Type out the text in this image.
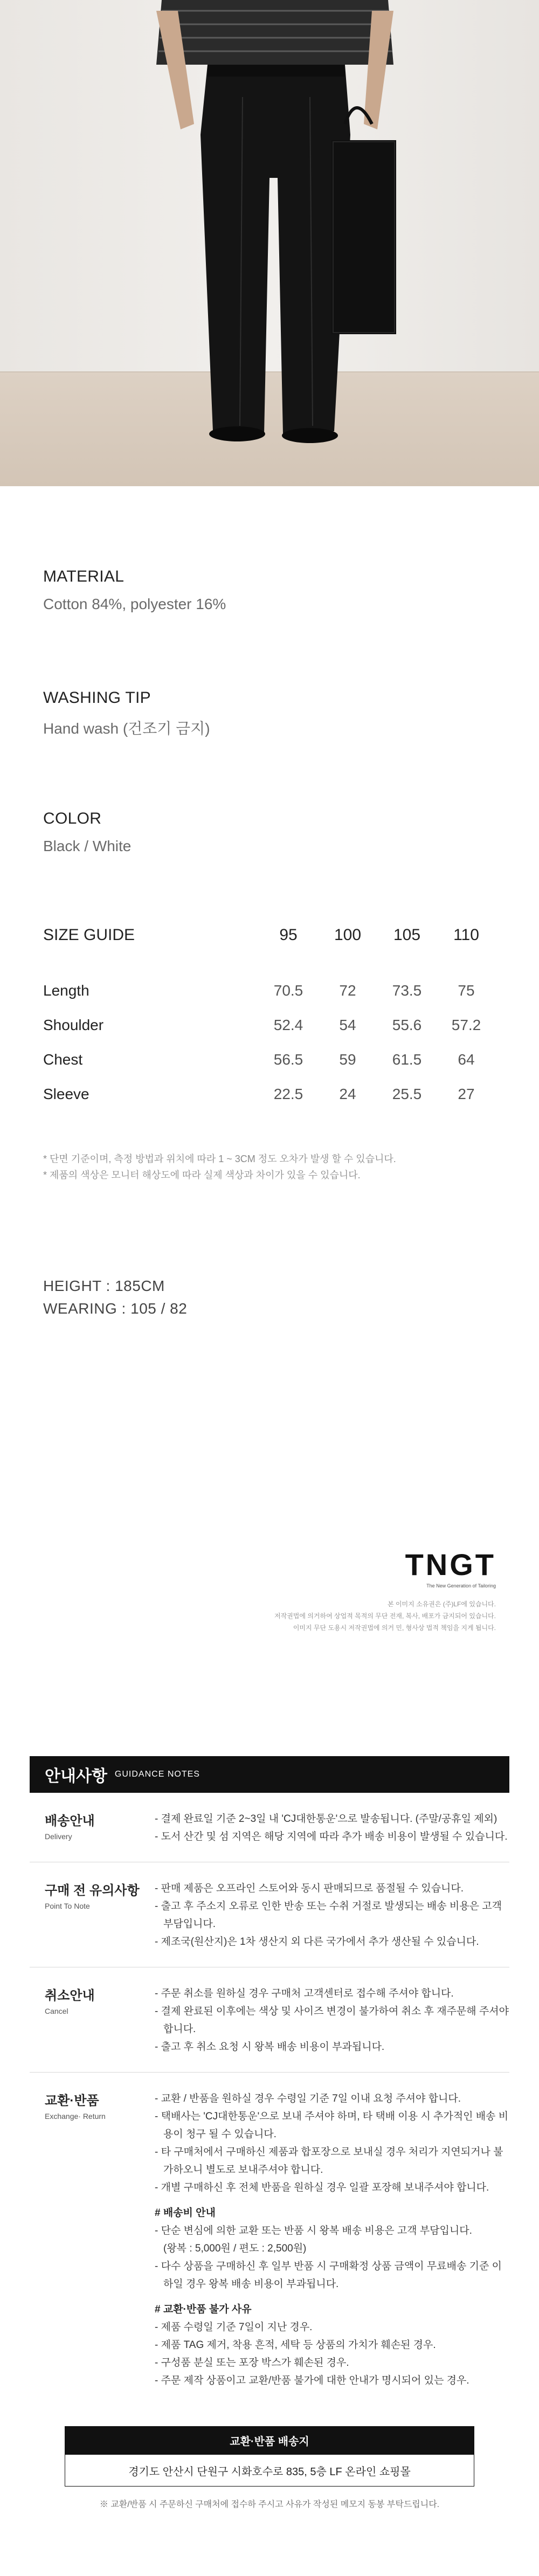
MATERIAL
Cotton 84%, polyester 16%
WASHING TIP
Hand wash (건조기 금지)
COLOR
Black / White
SIZE GUIDE	95	100	105	110

Length	70.5	72	73.5	75
Shoulder	52.4	54	55.6	57.2
Chest	56.5	59	61.5	64
Sleeve	22.5	24	25.5	27
* 단면 기준이며, 측정 방법과 위치에 따라 1 ~ 3CM 정도 오차가 발생 할 수 있습니다.
* 제품의 색상은 모니터 해상도에 따라 실제 색상과 차이가 있을 수 있습니다.
HEIGHT : 185CM
WEARING : 105 / 82
TNGT
The New Generation of Tailoring
본 이미지 소유권은 (주)LF에 있습니다.
저작권법에 의거하여 상업적 목적의 무단 전재, 복사, 배포가 금지되어 있습니다.
이미지 무단 도용시 저작권법에 의거 민, 형사상 법적 책임을 지게 됩니다.
안내사항 GUIDANCE NOTES
배송안내
Delivery
- 결제 완료일 기준 2~3일 내 'CJ대한통운'으로 발송됩니다. (주말/공휴일 제외)
- 도서 산간 및 섬 지역은 해당 지역에 따라 추가 배송 비용이 발생될 수 있습니다.
구매 전 유의사항
Point To Note
- 판매 제품은 오프라인 스토어와 동시 판매되므로 품절될 수 있습니다.
- 출고 후 주소지 오류로 인한 반송 또는 수취 거절로 발생되는 배송 비용은 고객 부담입니다.
- 제조국(원산지)은 1차 생산지 외 다른 국가에서 추가 생산될 수 있습니다.
취소안내
Cancel
- 주문 취소를 원하실 경우 구매처 고객센터로 접수해 주셔야 합니다.
- 결제 완료된 이후에는 색상 및 사이즈 변경이 불가하여 취소 후 재주문해 주셔야 합니다.
- 출고 후 취소 요청 시 왕복 배송 비용이 부과됩니다.
교환·반품
Exchange· Return
- 교환 / 반품을 원하실 경우 수령일 기준 7일 이내 요청 주셔야 합니다.
- 택배사는 'CJ대한통운'으로 보내 주셔야 하며, 타 택배 이용 시 추가적인 배송 비용이 청구 될 수 있습니다.
- 타 구매처에서 구매하신 제품과 합포장으로 보내실 경우 처리가 지연되거나 불가하오니 별도로 보내주셔야 합니다.
- 개별 구매하신 후 전체 반품을 원하실 경우 일괄 포장해 보내주셔야 합니다.
# 배송비 안내
- 단순 변심에 의한 교환 또는 반품 시 왕복 배송 비용은 고객 부담입니다.
(왕복 : 5,000원 / 편도 : 2,500원)
- 다수 상품을 구매하신 후 일부 반품 시 구매확정 상품 금액이 무료배송 기준 이하일 경우 왕복 배송 비용이 부과됩니다.
# 교환·반품 불가 사유
- 제품 수령일 기준 7일이 지난 경우.
- 제품 TAG 제거, 착용 흔적, 세탁 등 상품의 가치가 훼손된 경우.
- 구성품 분실 또는 포장 박스가 훼손된 경우.
- 주문 제작 상품이고 교환/반품 불가에 대한 안내가 명시되어 있는 경우.
교환·반품 배송지
경기도 안산시 단원구 시화호수로 835, 5층 LF 온라인 쇼핑몰
※ 교환/반품 시 주문하신 구매처에 접수하 주시고 사유가 작성된 메모지 동봉 부탁드립니다.
